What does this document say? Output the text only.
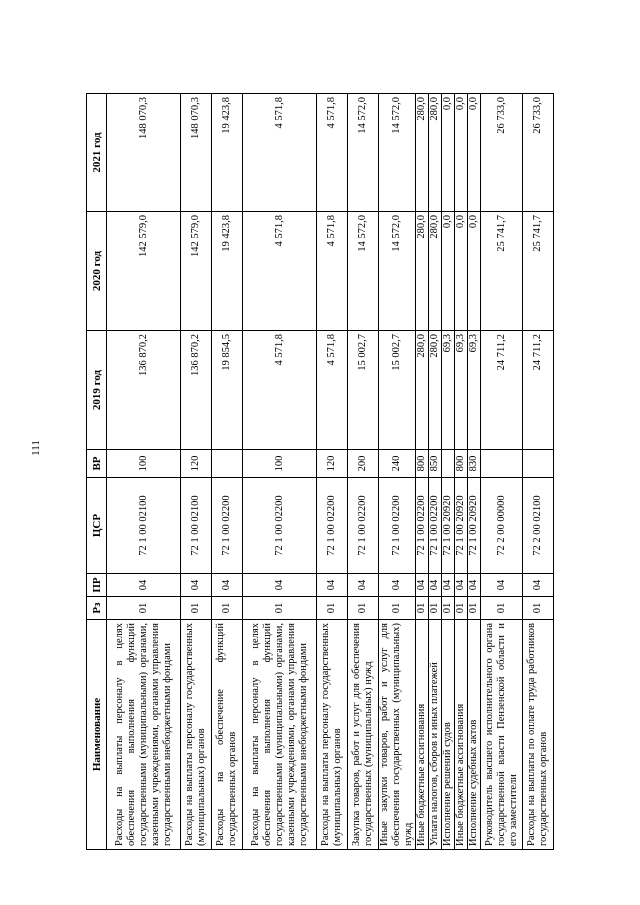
111
Наименование	Рз	ПР	ЦСР	ВР	2019 год	2020 год	2021 год
Расходы на выплаты персоналу в целях обеспечения выполнения функций государственными (муниципальными) органами, казенными учреждениями, органами управления государственными внебюджетными фондами	01	04	72 1 00 02100	100	136 870,2	142 579,0	148 070,3
Расходы на выплаты персоналу государственных (муниципальных) органов	01	04	72 1 00 02100	120	136 870,2	142 579,0	148 070,3
Расходы на обеспечение функций государственных органов	01	04	72 1 00 02200		19 854,5	19 423,8	19 423,8
Расходы на выплаты персоналу в целях обеспечения выполнения функций государственными (муниципальными) органами, казенными учреждениями, органами управления государственными внебюджетными фондами	01	04	72 1 00 02200	100	4 571,8	4 571,8	4 571,8
Расходы на выплаты персоналу государственных (муниципальных) органов	01	04	72 1 00 02200	120	4 571,8	4 571,8	4 571,8
Закупка товаров, работ и услуг для обеспечения государственных (муниципальных) нужд	01	04	72 1 00 02200	200	15 002,7	14 572,0	14 572,0
Иные закупки товаров, работ и услуг для обеспечения государственных (муниципальных) нужд	01	04	72 1 00 02200	240	15 002,7	14 572,0	14 572,0
Иные бюджетные ассигнования	01	04	72 1 00 02200	800	280,0	280,0	280,0
Уплата налогов, сборов и иных платежей	01	04	72 1 00 02200	850	280,0	280,0	280,0
Исполнение решений судов	01	04	72 1 00 20920		69,3	0,0	0,0
Иные бюджетные ассигнования	01	04	72 1 00 20920	800	69,3	0,0	0,0
Исполнение судебных актов	01	04	72 1 00 20920	830	69,3	0,0	0,0
Руководитель высшего исполнительного органа государственной власти Пензенской области и его заместители	01	04	72 2 00 00000		24 711,2	25 741,7	26 733,0
Расходы на выплаты по оплате труда работников государственных органов	01	04	72 2 00 02100		24 711,2	25 741,7	26 733,0
